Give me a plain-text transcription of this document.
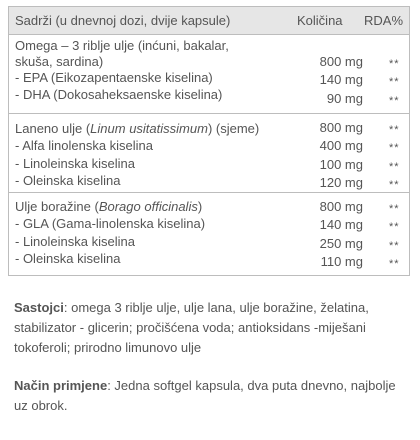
Sadrži (u dnevnoj dozi, dvije kapsule)	Količina RDA%
Omega – 3 riblje ulje (inćuni, bakalar,
skuša, sardina)
- EPA (Eikozapentaenske kiselina)
- DHA (Dokosaheksaenske kiselina)
800 mg
140 mg
90 mg
**
**
**
Laneno ulje (Linum usitatissimum) (sjeme)
- Alfa linolenska kiselina
- Linoleinska kiselina
- Oleinska kiselina
800 mg
400 mg
100 mg
120 mg
**
**
**
**
Ulje boražine (Borago officinalis)
- GLA (Gama-linolenska kiselina)
- Linoleinska kiselina
- Oleinska kiselina
800 mg
140 mg
250 mg
110 mg
**
**
**
**
Sastojci: omega 3 riblje ulje, ulje lana, ulje boražine, želatina, stabilizator - glicerin; pročišćena voda; antioksidans -miješani tokoferoli; prirodno limunovo ulje
Način primjene: Jedna softgel kapsula, dva puta dnevno, najbolje uz obrok.
